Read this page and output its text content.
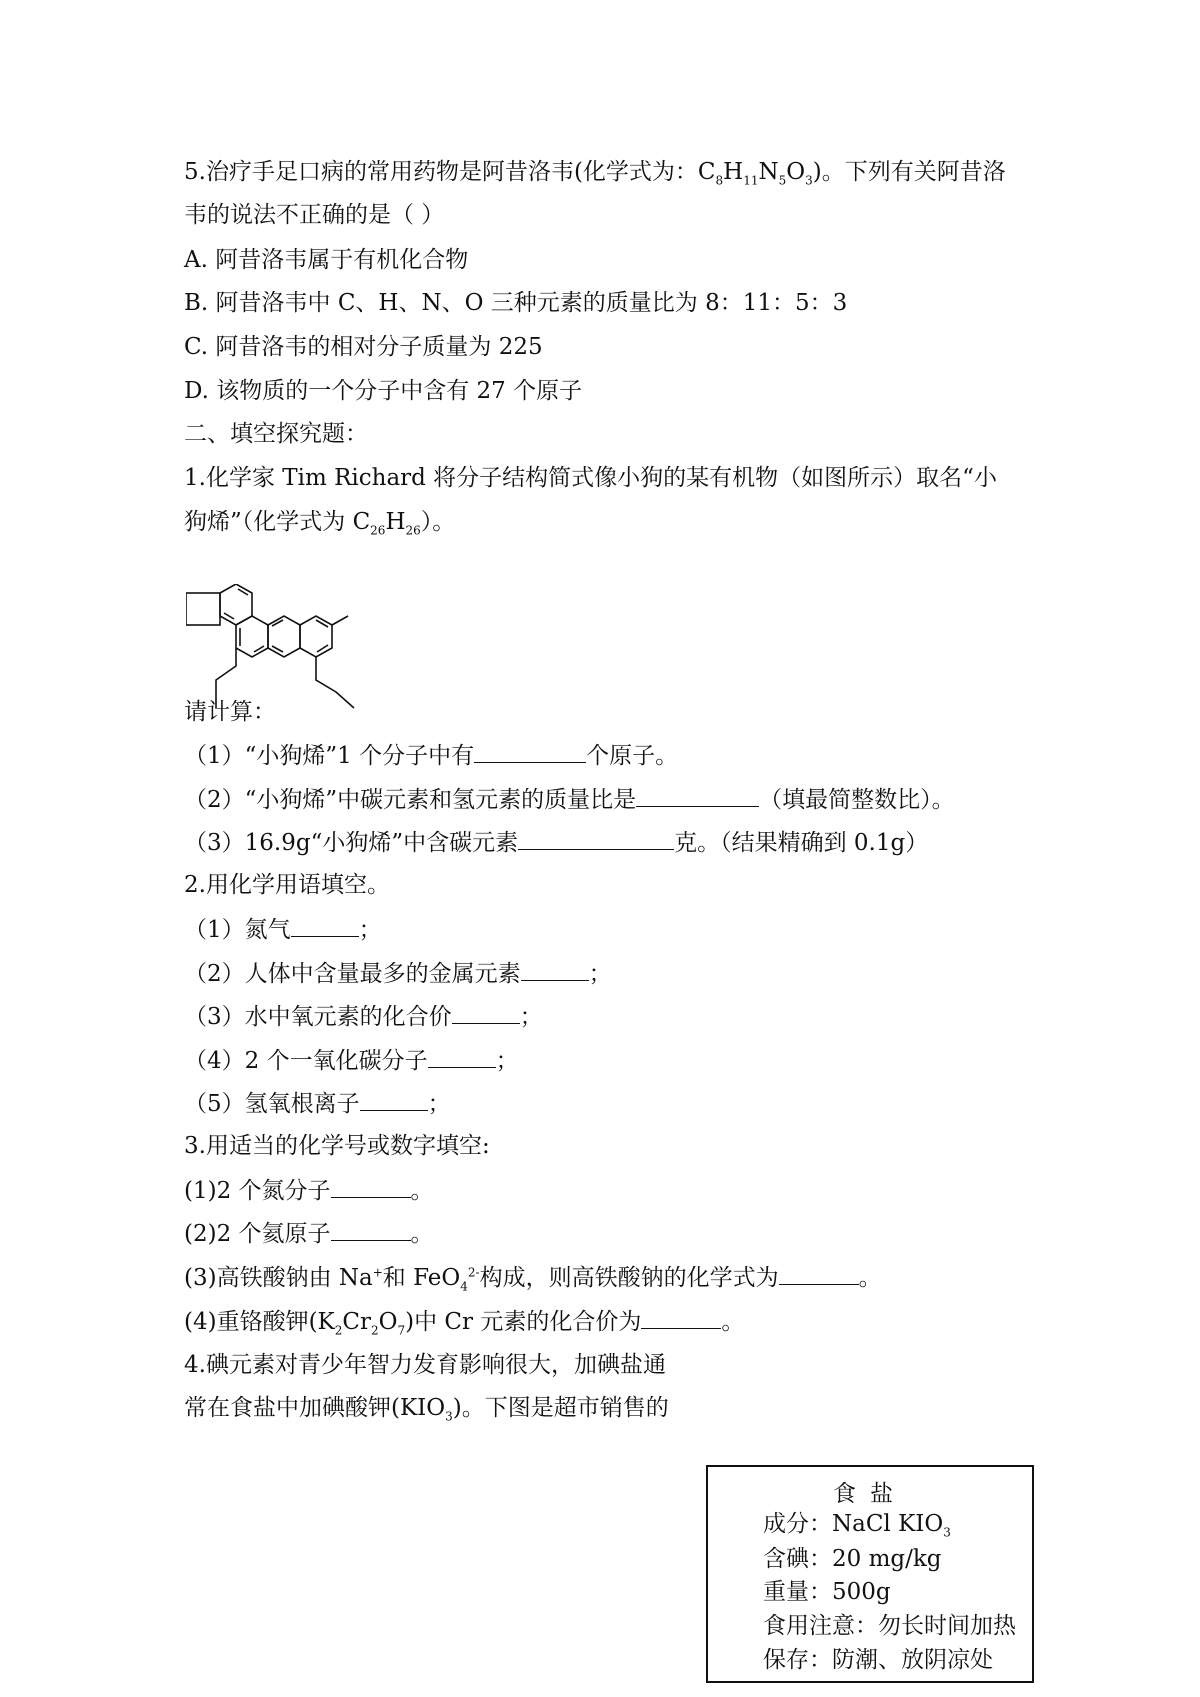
5.治疗手足口病的常用药物是阿昔洛韦(化学式为：$C_8H_{11}N_5O_3$)。下列有关阿昔洛
韦的说法不正确的是（ ）
A. 阿昔洛韦属于有机化合物
B. 阿昔洛韦中 C、H、N、O 三种元素的质量比为 8：11：5：3
C. 阿昔洛韦的相对分子质量为 225
D. 该物质的一个分子中含有 27 个原子
二、填空探究题：
1.化学家 Tim Richard 将分子结构简式像小狗的某有机物（如图所示）取名“小
狗烯”（化学式为 $C_{26}H_{26}$）。
请计算：
（1）“小狗烯”1 个分子中有	个原子。
（2）“小狗烯”中碳元素和氢元素的质量比是	（填最简整数比）。
（3）16.9g“小狗烯”中含碳元素	克。（结果精确到 0.1g）
2.用化学用语填空。
（1）氮气	；
（2）人体中含量最多的金属元素	；
（3）水中氧元素的化合价	；
（4）2 个一氧化碳分子	；
（5）氢氧根离子	；
3.用适当的化学号或数字填空:
(1)2 个氮分子	。
(2)2 个氦原子	。
(3)高铁酸钠由 Na+和 FeO$_4^{2-}$构成，则高铁酸钠的化学式为	。
(4)重铬酸钾$(K_2Cr_2O_7)$中 Cr 元素的化合价为	。
4.碘元素对青少年智力发育影响很大，加碘盐通
常在食盐中加碘酸钾$(KIO_3)$。下图是超市销售的
食盐
成分：NaCl $KIO_3$
含碘：20 mg/kg
重量：500g
食用注意：勿长时间加热
保存：防潮、放阴凉处
